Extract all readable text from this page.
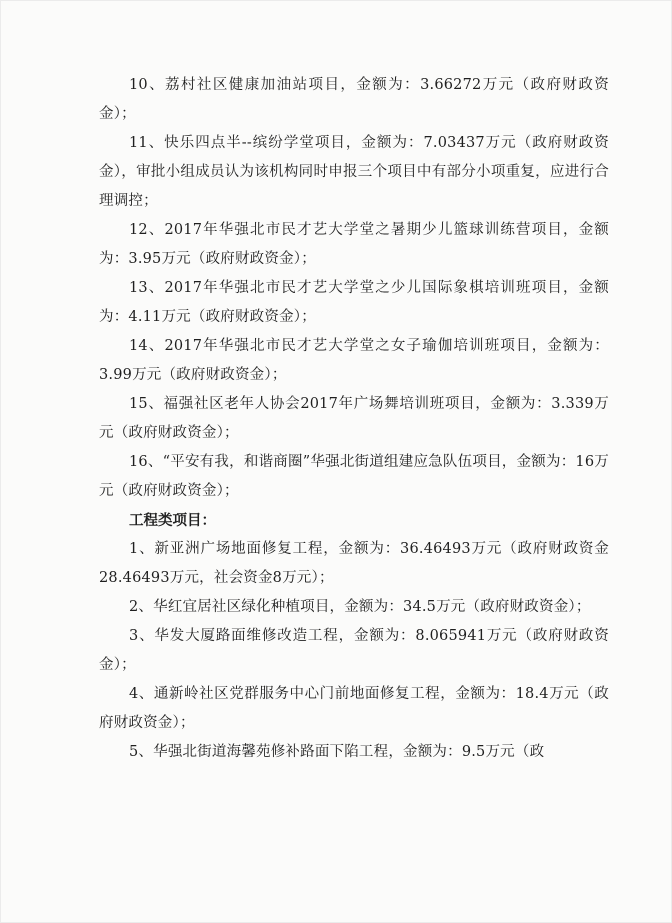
10、荔村社区健康加油站项目，金额为：3.66272万元（政府财政资金）；

11、快乐四点半--缤纷学堂项目，金额为：7.03437万元（政府财政资金），审批小组成员认为该机构同时申报三个项目中有部分小项重复，应进行合理调控；

12、2017年华强北市民才艺大学堂之暑期少儿篮球训练营项目，金额为：3.95万元（政府财政资金）；

13、2017年华强北市民才艺大学堂之少儿国际象棋培训班项目，金额为：4.11万元（政府财政资金）；

14、2017年华强北市民才艺大学堂之女子瑜伽培训班项目，金额为：3.99万元（政府财政资金）；

15、福强社区老年人协会2017年广场舞培训班项目，金额为：3.339万元（政府财政资金）；

16、“平安有我，和谐商圈”华强北街道组建应急队伍项目，金额为：16万元（政府财政资金）；

工程类项目：

1、新亚洲广场地面修复工程，金额为：36.46493万元（政府财政资金28.46493万元，社会资金8万元）；

2、华红宜居社区绿化种植项目，金额为：34.5万元（政府财政资金）；

3、华发大厦路面维修改造工程，金额为：8.065941万元（政府财政资金）；

4、通新岭社区党群服务中心门前地面修复工程，金额为：18.4万元（政府财政资金）；

5、华强北街道海馨苑修补路面下陷工程，金额为：9.5万元（政
